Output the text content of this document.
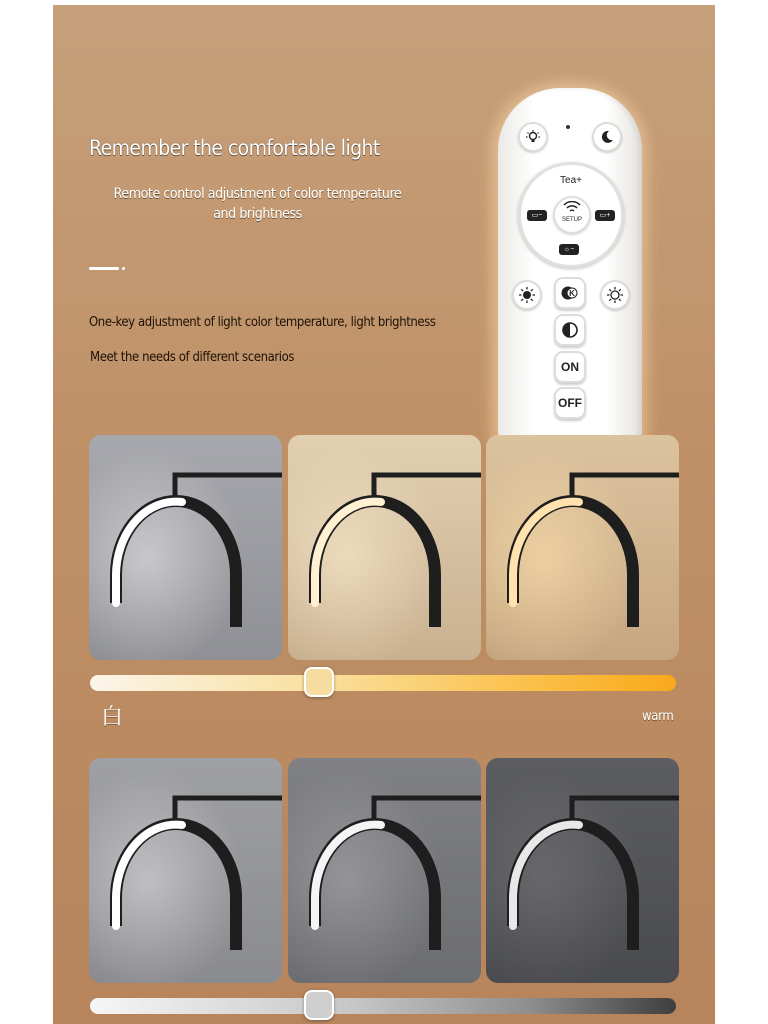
Remember the comfortable light
Remote control adjustment of color temperature
and brightness
One-key adjustment of light color temperature, light brightness
Meet the needs of different scenarios
Tea+
▭−
SETUP
▭+
☼−
K
ON
OFF
白	warm
